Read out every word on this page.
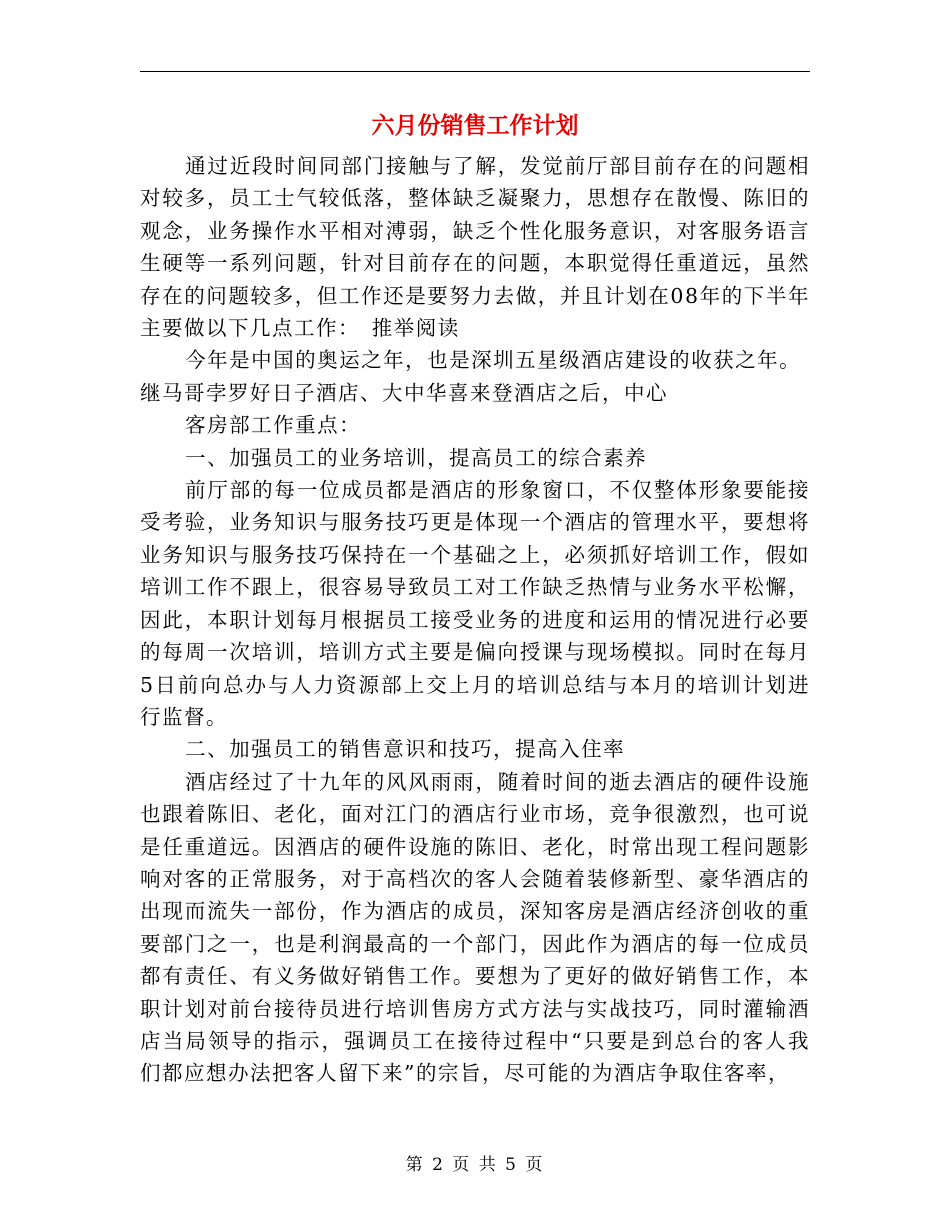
六月份销售工作计划

通过近段时间同部门接触与了解，发觉前厅部目前存在的问题相对较多，员工士气较低落，整体缺乏凝聚力，思想存在散慢、陈旧的观念，业务操作水平相对溥弱，缺乏个性化服务意识，对客服务语言生硬等一系列问题，针对目前存在的问题，本职觉得任重道远，虽然存在的问题较多，但工作还是要努力去做，并且计划在08年的下半年主要做以下几点工作：　推举阅读

今年是中国的奥运之年，也是深圳五星级酒店建设的收获之年。

继马哥孛罗好日子酒店、大中华喜来登酒店之后，中心

客房部工作重点：

一、加强员工的业务培训，提高员工的综合素养

前厅部的每一位成员都是酒店的形象窗口，不仅整体形象要能接受考验，业务知识与服务技巧更是体现一个酒店的管理水平，要想将业务知识与服务技巧保持在一个基础之上，必须抓好培训工作，假如培训工作不跟上，很容易导致员工对工作缺乏热情与业务水平松懈，因此，本职计划每月根据员工接受业务的进度和运用的情况进行必要的每周一次培训，培训方式主要是偏向授课与现场模拟。同时在每月5日前向总办与人力资源部上交上月的培训总结与本月的培训计划进行监督。

二、加强员工的销售意识和技巧，提高入住率

酒店经过了十九年的风风雨雨，随着时间的逝去酒店的硬件设施也跟着陈旧、老化，面对江门的酒店行业市场，竞争很激烈，也可说是任重道远。因酒店的硬件设施的陈旧、老化，时常出现工程问题影响对客的正常服务，对于高档次的客人会随着装修新型、豪华酒店的出现而流失一部份，作为酒店的成员，深知客房是酒店经济创收的重要部门之一，也是利润最高的一个部门，因此作为酒店的每一位成员都有责任、有义务做好销售工作。要想为了更好的做好销售工作，本职计划对前台接待员进行培训售房方式方法与实战技巧，同时灌输酒店当局领导的指示，强调员工在接待过程中“只要是到总台的客人我们都应想办法把客人留下来”的宗旨，尽可能的为酒店争取住客率，

第 2 页 共 5 页
